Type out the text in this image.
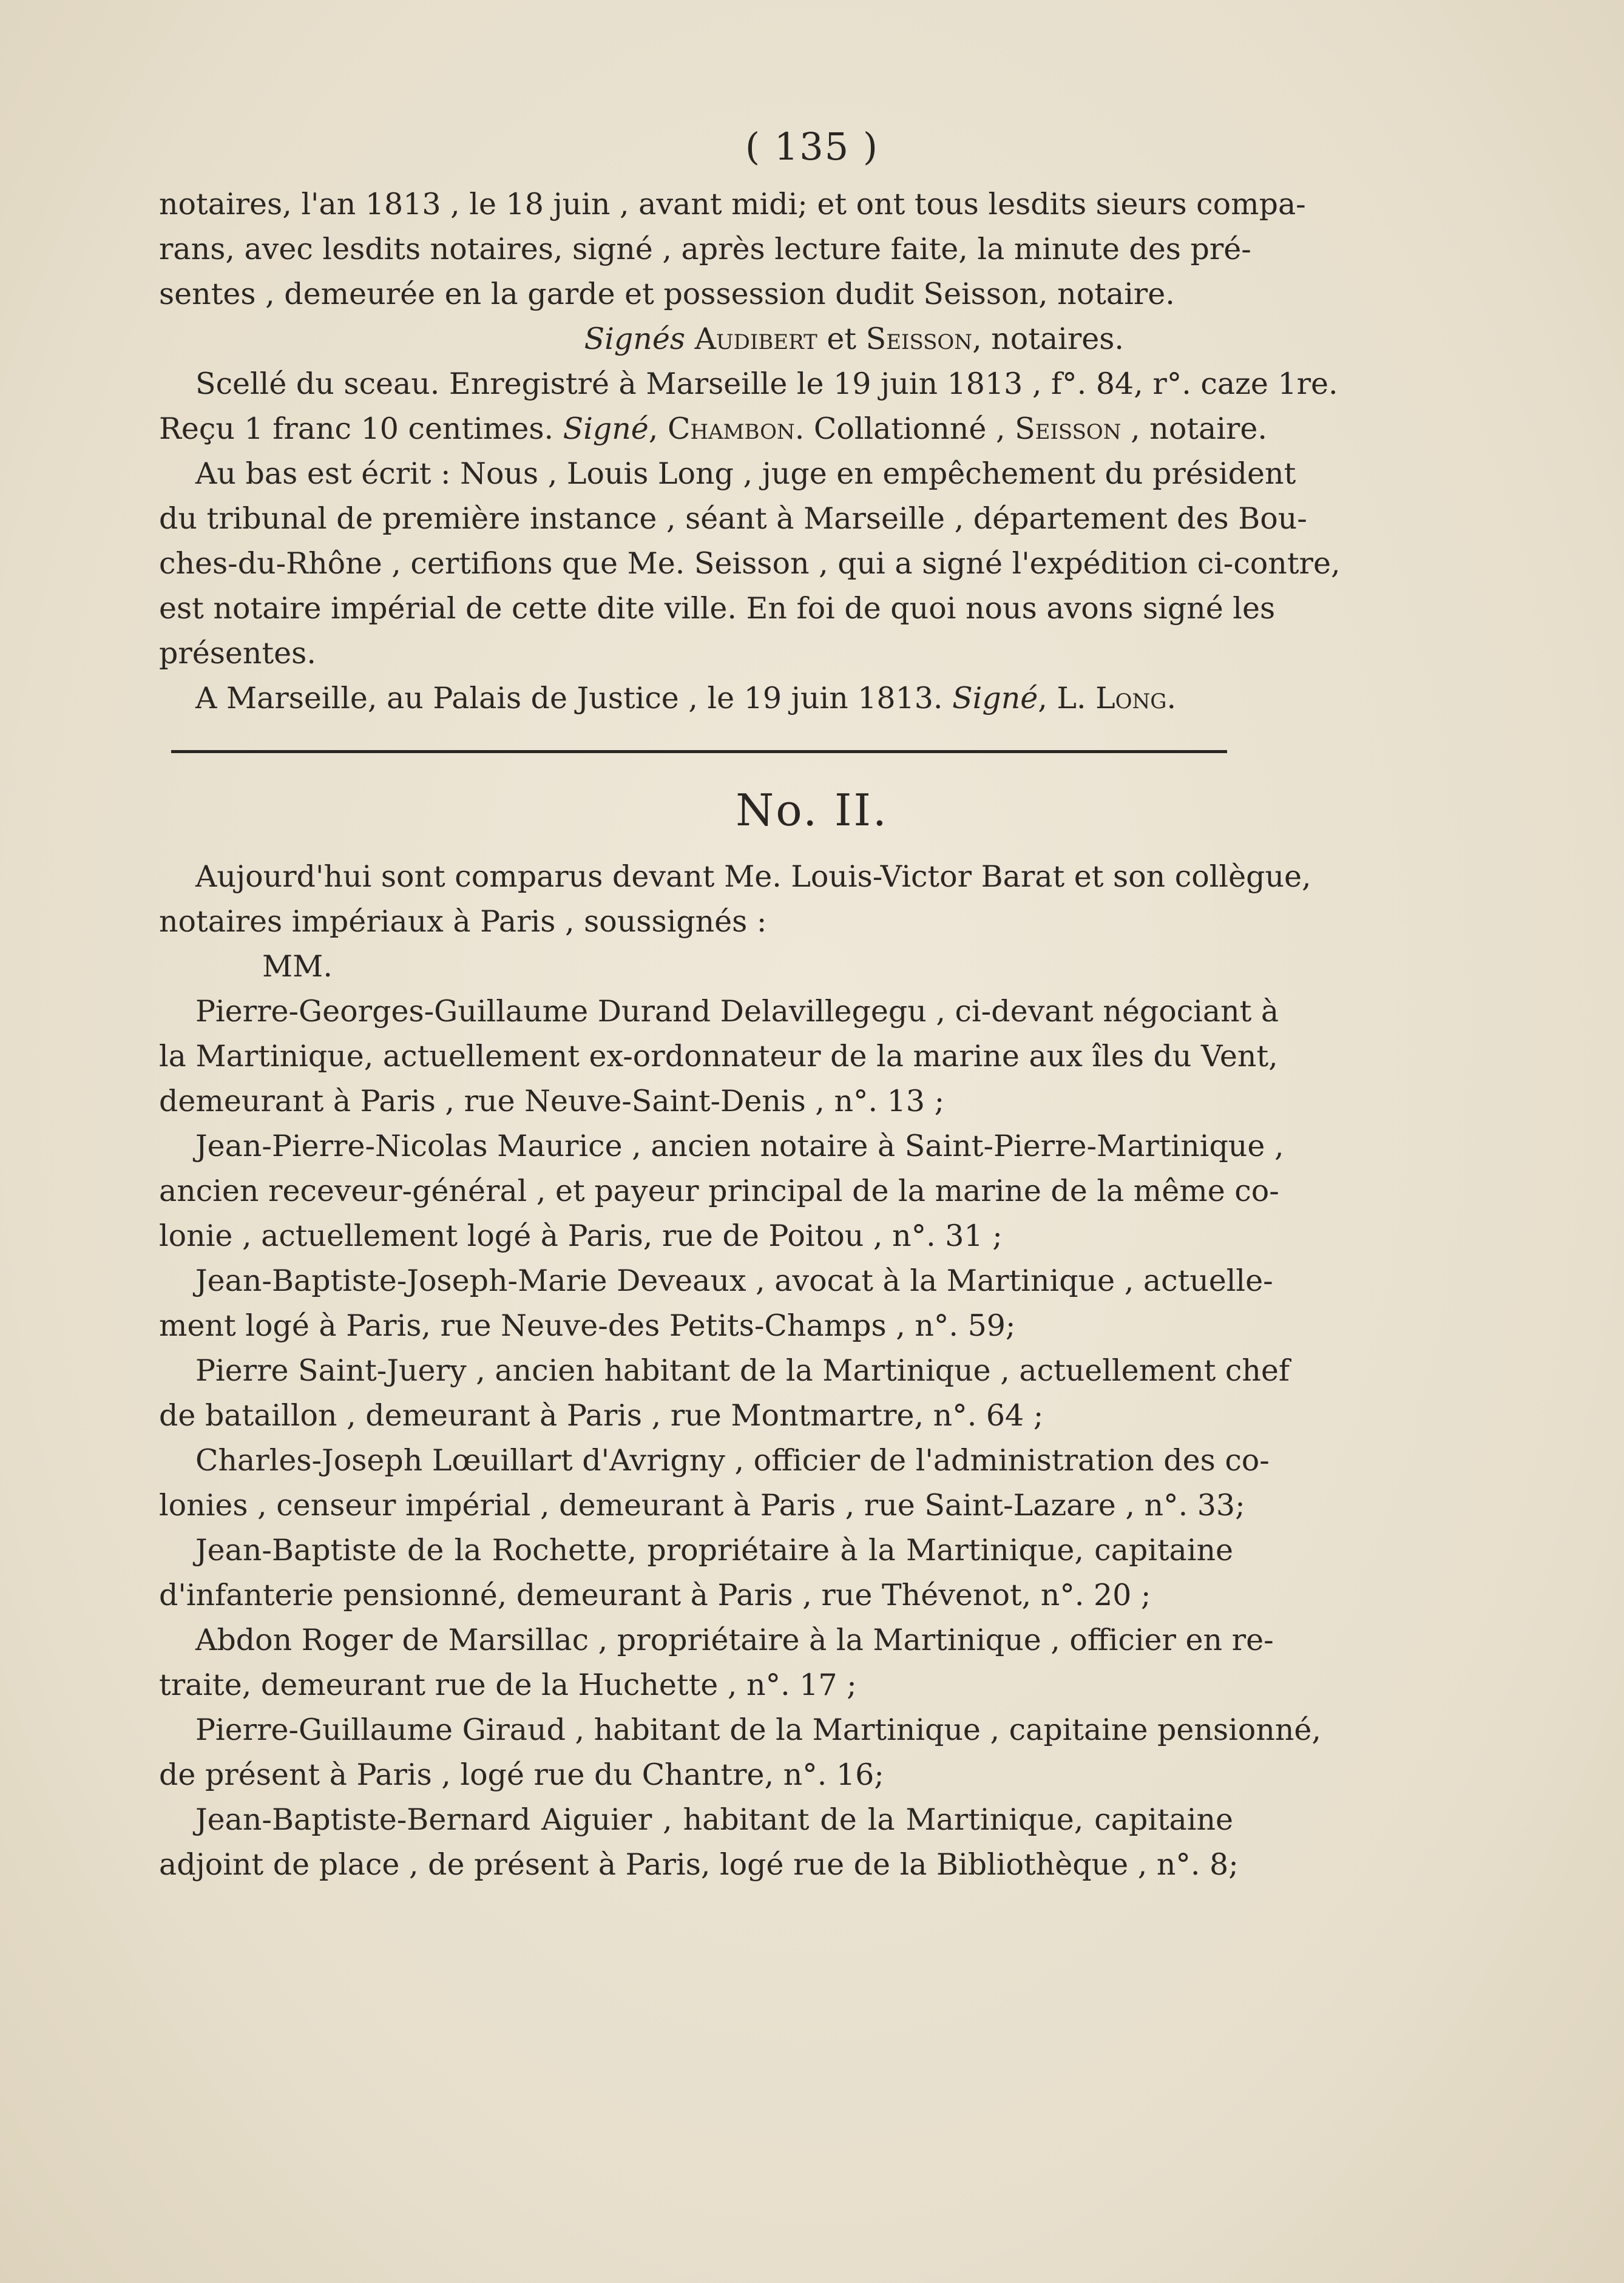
( 135 )
notaires, l'an 1813 , le 18 juin , avant midi; et ont tous lesdits sieurs compa-
rans, avec lesdits notaires, signé , après lecture faite, la minute des pré-
sentes , demeurée en la garde et possession dudit Seisson, notaire.
Signés Audibert et Seisson, notaires.
Scellé du sceau. Enregistré à Marseille le 19 juin 1813 , f°. 84, r°. caze 1re.
Reçu 1 franc 10 centimes. Signé, Chambon. Collationné , Seisson , notaire.
Au bas est écrit : Nous , Louis Long , juge en empêchement du président
du tribunal de première instance , séant à Marseille , département des Bou-
ches-du-Rhône , certifions que Me. Seisson , qui a signé l'expédition ci-contre,
est notaire impérial de cette dite ville. En foi de quoi nous avons signé les
présentes.
A Marseille, au Palais de Justice , le 19 juin 1813. Signé, L. Long.
No. II.
Aujourd'hui sont comparus devant Me. Louis-Victor Barat et son collègue,
notaires impériaux à Paris , soussignés :
MM.
Pierre-Georges-Guillaume Durand Delavillegegu , ci-devant négociant à
la Martinique, actuellement ex-ordonnateur de la marine aux îles du Vent,
demeurant à Paris , rue Neuve-Saint-Denis , n°. 13 ;
Jean-Pierre-Nicolas Maurice , ancien notaire à Saint-Pierre-Martinique ,
ancien receveur-général , et payeur principal de la marine de la même co-
lonie , actuellement logé à Paris, rue de Poitou , n°. 31 ;
Jean-Baptiste-Joseph-Marie Deveaux , avocat à la Martinique , actuelle-
ment logé à Paris, rue Neuve-des Petits-Champs , n°. 59;
Pierre Saint-Juery , ancien habitant de la Martinique , actuellement chef
de bataillon , demeurant à Paris , rue Montmartre, n°. 64 ;
Charles-Joseph Lœuillart d'Avrigny , officier de l'administration des co-
lonies , censeur impérial , demeurant à Paris , rue Saint-Lazare , n°. 33;
Jean-Baptiste de la Rochette, propriétaire à la Martinique, capitaine
d'infanterie pensionné, demeurant à Paris , rue Thévenot, n°. 20 ;
Abdon Roger de Marsillac , propriétaire à la Martinique , officier en re-
traite, demeurant rue de la Huchette , n°. 17 ;
Pierre-Guillaume Giraud , habitant de la Martinique , capitaine pensionné,
de présent à Paris , logé rue du Chantre, n°. 16;
Jean-Baptiste-Bernard Aiguier , habitant de la Martinique, capitaine
adjoint de place , de présent à Paris, logé rue de la Bibliothèque , n°. 8;
